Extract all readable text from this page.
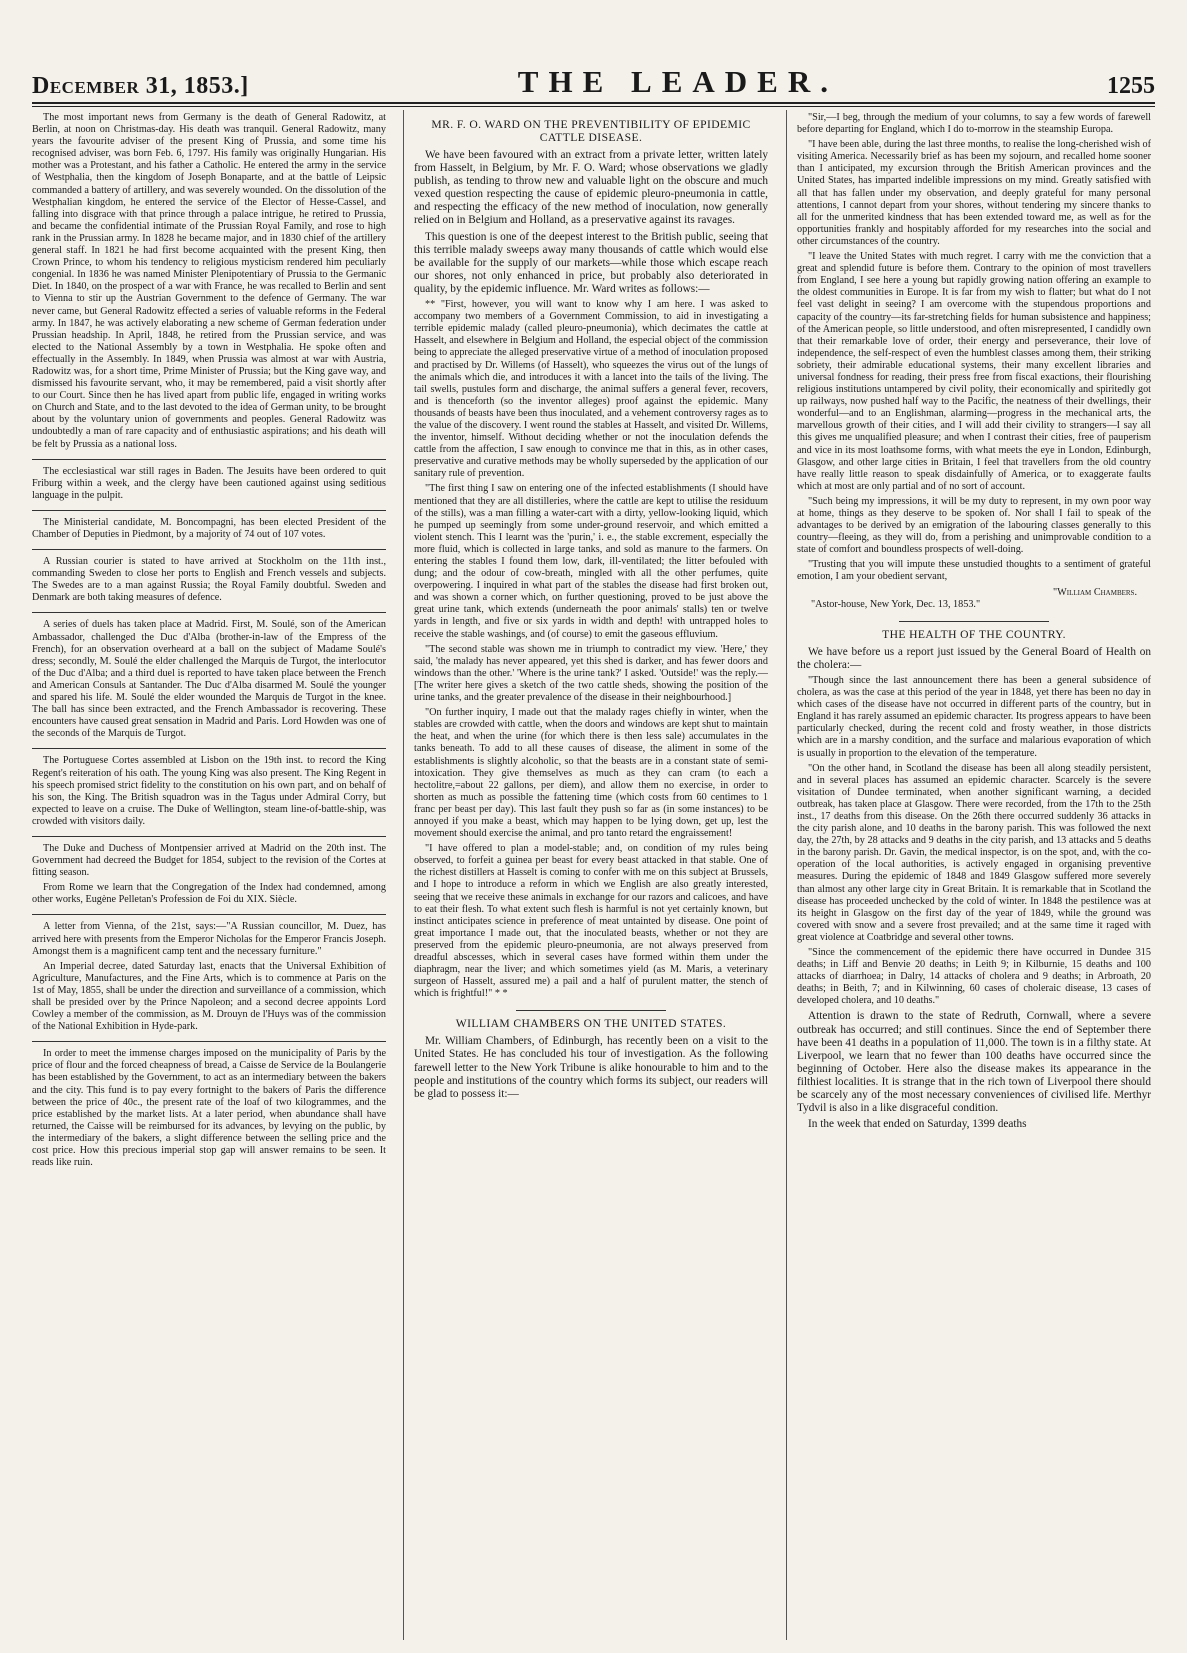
December 31, 1853.]	THE LEADER.	1255

The most important news from Germany is the death of General Radowitz, at Berlin, at noon on Christmas-day. His death was tranquil. General Radowitz, many years the favourite adviser of the present King of Prussia, and some time his recognised adviser, was born Feb. 6, 1797. His family was originally Hungarian. His mother was a Protestant, and his father a Catholic. He entered the army in the service of Westphalia, then the kingdom of Joseph Bonaparte, and at the battle of Leipsic commanded a battery of artillery, and was severely wounded. On the dissolution of the Westphalian kingdom, he entered the service of the Elector of Hesse-Cassel, and falling into disgrace with that prince through a palace intrigue, he retired to Prussia, and became the confidential intimate of the Prussian Royal Family, and rose to high rank in the Prussian army. In 1828 he became major, and in 1830 chief of the artillery general staff. In 1821 he had first become acquainted with the present King, then Crown Prince, to whom his tendency to religious mysticism rendered him peculiarly congenial. In 1836 he was named Minister Plenipotentiary of Prussia to the Germanic Diet. In 1840, on the prospect of a war with France, he was recalled to Berlin and sent to Vienna to stir up the Austrian Government to the defence of Germany. The war never came, but General Radowitz effected a series of valuable reforms in the Federal army. In 1847, he was actively elaborating a new scheme of German federation under Prussian headship. In April, 1848, he retired from the Prussian service, and was elected to the National Assembly by a town in Westphalia. He spoke often and effectually in the Assembly. In 1849, when Prussia was almost at war with Austria, Radowitz was, for a short time, Prime Minister of Prussia; but the King gave way, and dismissed his favourite servant, who, it may be remembered, paid a visit shortly after to our Court. Since then he has lived apart from public life, engaged in writing works on Church and State, and to the last devoted to the idea of German unity, to be brought about by the voluntary union of governments and peoples. General Radowitz was undoubtedly a man of rare capacity and of enthusiastic aspirations; and his death will be felt by Prussia as a national loss.

The ecclesiastical war still rages in Baden. The Jesuits have been ordered to quit Friburg within a week, and the clergy have been cautioned against using seditious language in the pulpit.

The Ministerial candidate, M. Boncompagni, has been elected President of the Chamber of Deputies in Piedmont, by a majority of 74 out of 107 votes.

A Russian courier is stated to have arrived at Stockholm on the 11th inst., commanding Sweden to close her ports to English and French vessels and subjects. The Swedes are to a man against Russia; the Royal Family doubtful. Sweden and Denmark are both taking measures of defence.

A series of duels has taken place at Madrid. First, M. Soulé, son of the American Ambassador, challenged the Duc d'Alba (brother-in-law of the Empress of the French), for an observation overheard at a ball on the subject of Madame Soulé's dress; secondly, M. Soulé the elder challenged the Marquis de Turgot, the interlocutor of the Duc d'Alba; and a third duel is reported to have taken place between the French and American Consuls at Santander. The Duc d'Alba disarmed M. Soulé the younger and spared his life. M. Soulé the elder wounded the Marquis de Turgot in the knee. The ball has since been extracted, and the French Ambassador is recovering. These encounters have caused great sensation in Madrid and Paris. Lord Howden was one of the seconds of the Marquis de Turgot.

The Portuguese Cortes assembled at Lisbon on the 19th inst. to record the King Regent's reiteration of his oath. The young King was also present. The King Regent in his speech promised strict fidelity to the constitution on his own part, and on behalf of his son, the King. The British squadron was in the Tagus under Admiral Corry, but expected to leave on a cruise. The Duke of Wellington, steam line-of-battle-ship, was crowded with visitors daily.

The Duke and Duchess of Montpensier arrived at Madrid on the 20th inst. The Government had decreed the Budget for 1854, subject to the revision of the Cortes at fitting season.

From Rome we learn that the Congregation of the Index had condemned, among other works, Eugène Pelletan's Profession de Foi du XIX. Siècle.

A letter from Vienna, of the 21st, says:—"A Russian councillor, M. Duez, has arrived here with presents from the Emperor Nicholas for the Emperor Francis Joseph. Amongst them is a magnificent camp tent and the necessary furniture."

An Imperial decree, dated Saturday last, enacts that the Universal Exhibition of Agriculture, Manufactures, and the Fine Arts, which is to commence at Paris on the 1st of May, 1855, shall be under the direction and surveillance of a commission, which shall be presided over by the Prince Napoleon; and a second decree appoints Lord Cowley a member of the commission, as M. Drouyn de l'Huys was of the commission of the National Exhibition in Hyde-park.

In order to meet the immense charges imposed on the municipality of Paris by the price of flour and the forced cheapness of bread, a Caisse de Service de la Boulangerie has been established by the Government, to act as an intermediary between the bakers and the city. This fund is to pay every fortnight to the bakers of Paris the difference between the price of 40c., the present rate of the loaf of two kilogrammes, and the price established by the market lists. At a later period, when abundance shall have returned, the Caisse will be reimbursed for its advances, by levying on the public, by the intermediary of the bakers, a slight difference between the selling price and the cost price. How this precious imperial stop gap will answer remains to be seen. It reads like ruin.

MR. F. O. WARD ON THE PREVENTIBILITY OF EPIDEMIC CATTLE DISEASE.

We have been favoured with an extract from a private letter, written lately from Hasselt, in Belgium, by Mr. F. O. Ward; whose observations we gladly publish, as tending to throw new and valuable light on the obscure and much vexed question respecting the cause of epidemic pleuro-pneumonia in cattle, and respecting the efficacy of the new method of inoculation, now generally relied on in Belgium and Holland, as a preservative against its ravages.

This question is one of the deepest interest to the British public, seeing that this terrible malady sweeps away many thousands of cattle which would else be available for the supply of our markets—while those which escape reach our shores, not only enhanced in price, but probably also deteriorated in quality, by the epidemic influence. Mr. Ward writes as follows:—

** "First, however, you will want to know why I am here. I was asked to accompany two members of a Government Commission, to aid in investigating a terrible epidemic malady (called pleuro-pneumonia), which decimates the cattle at Hasselt, and elsewhere in Belgium and Holland, the especial object of the commission being to appreciate the alleged preservative virtue of a method of inoculation proposed and practised by Dr. Willems (of Hasselt), who squeezes the virus out of the lungs of the animals which die, and introduces it with a lancet into the tails of the living. The tail swells, pustules form and discharge, the animal suffers a general fever, recovers, and is thenceforth (so the inventor alleges) proof against the epidemic. Many thousands of beasts have been thus inoculated, and a vehement controversy rages as to the value of the discovery. I went round the stables at Hasselt, and visited Dr. Willems, the inventor, himself. Without deciding whether or not the inoculation defends the cattle from the affection, I saw enough to convince me that in this, as in other cases, preservative and curative methods may be wholly superseded by the application of our sanitary rule of prevention.

"The first thing I saw on entering one of the infected establishments (I should have mentioned that they are all distilleries, where the cattle are kept to utilise the residuum of the stills), was a man filling a water-cart with a dirty, yellow-looking liquid, which he pumped up seemingly from some under-ground reservoir, and which emitted a violent stench. This I learnt was the 'purin,' i. e., the stable excrement, especially the more fluid, which is collected in large tanks, and sold as manure to the farmers. On entering the stables I found them low, dark, ill-ventilated; the litter befouled with dung; and the odour of cow-breath, mingled with all the other perfumes, quite overpowering. I inquired in what part of the stables the disease had first broken out, and was shown a corner which, on further questioning, proved to be just above the great urine tank, which extends (underneath the poor animals' stalls) ten or twelve yards in length, and five or six yards in width and depth! with untrapped holes to receive the stable washings, and (of course) to emit the gaseous effluvium.

"The second stable was shown me in triumph to contradict my view. 'Here,' they said, 'the malady has never appeared, yet this shed is darker, and has fewer doors and windows than the other.' 'Where is the urine tank?' I asked. 'Outside!' was the reply.—[The writer here gives a sketch of the two cattle sheds, showing the position of the urine tanks, and the greater prevalence of the disease in their neighbourhood.]

"On further inquiry, I made out that the malady rages chiefly in winter, when the stables are crowded with cattle, when the doors and windows are kept shut to maintain the heat, and when the urine (for which there is then less sale) accumulates in the tanks beneath. To add to all these causes of disease, the aliment in some of the establishments is slightly alcoholic, so that the beasts are in a constant state of semi-intoxication. They give themselves as much as they can cram (to each a hectolitre,=about 22 gallons, per diem), and allow them no exercise, in order to shorten as much as possible the fattening time (which costs from 60 centimes to 1 franc per beast per day). This last fault they push so far as (in some instances) to be annoyed if you make a beast, which may happen to be lying down, get up, lest the movement should exercise the animal, and pro tanto retard the engraissement!

"I have offered to plan a model-stable; and, on condition of my rules being observed, to forfeit a guinea per beast for every beast attacked in that stable. One of the richest distillers at Hasselt is coming to confer with me on this subject at Brussels, and I hope to introduce a reform in which we English are also greatly interested, seeing that we receive these animals in exchange for our razors and calicoes, and have to eat their flesh. To what extent such flesh is harmful is not yet certainly known, but instinct anticipates science in preference of meat untainted by disease. One point of great importance I made out, that the inoculated beasts, whether or not they are preserved from the epidemic pleuro-pneumonia, are not always preserved from dreadful abscesses, which in several cases have formed within them under the diaphragm, near the liver; and which sometimes yield (as M. Maris, a veterinary surgeon of Hasselt, assured me) a pail and a half of purulent matter, the stench of which is frightful!" * *

WILLIAM CHAMBERS ON THE UNITED STATES.

Mr. William Chambers, of Edinburgh, has recently been on a visit to the United States. He has concluded his tour of investigation. As the following farewell letter to the New York Tribune is alike honourable to him and to the people and institutions of the country which forms its subject, our readers will be glad to possess it:—

"Sir,—I beg, through the medium of your columns, to say a few words of farewell before departing for England, which I do to-morrow in the steamship Europa.

"I have been able, during the last three months, to realise the long-cherished wish of visiting America. Necessarily brief as has been my sojourn, and recalled home sooner than I anticipated, my excursion through the British American provinces and the United States, has imparted indelible impressions on my mind. Greatly satisfied with all that has fallen under my observation, and deeply grateful for many personal attentions, I cannot depart from your shores, without tendering my sincere thanks to all for the unmerited kindness that has been extended toward me, as well as for the opportunities frankly and hospitably afforded for my researches into the social and other circumstances of the country.

"I leave the United States with much regret. I carry with me the conviction that a great and splendid future is before them. Contrary to the opinion of most travellers from England, I see here a young but rapidly growing nation offering an example to the oldest communities in Europe. It is far from my wish to flatter; but what do I not feel vast delight in seeing? I am overcome with the stupendous proportions and capacity of the country—its far-stretching fields for human subsistence and happiness; of the American people, so little understood, and often misrepresented, I candidly own that their remarkable love of order, their energy and perseverance, their love of independence, the self-respect of even the humblest classes among them, their striking sobriety, their admirable educational systems, their many excellent libraries and universal fondness for reading, their press free from fiscal exactions, their flourishing religious institutions untampered by civil polity, their economically and spiritedly got up railways, now pushed half way to the Pacific, the neatness of their dwellings, their wonderful—and to an Englishman, alarming—progress in the mechanical arts, the marvellous growth of their cities, and I will add their civility to strangers—I say all this gives me unqualified pleasure; and when I contrast their cities, free of pauperism and vice in its most loathsome forms, with what meets the eye in London, Edinburgh, Glasgow, and other large cities in Britain, I feel that travellers from the old country have really little reason to speak disdainfully of America, or to exaggerate faults which at most are only partial and of no sort of account.

"Such being my impressions, it will be my duty to represent, in my own poor way at home, things as they deserve to be spoken of. Nor shall I fail to speak of the advantages to be derived by an emigration of the labouring classes generally to this country—fleeing, as they will do, from a perishing and unimprovable condition to a state of comfort and boundless prospects of well-doing.

"Trusting that you will impute these unstudied thoughts to a sentiment of grateful emotion, I am your obedient servant,

"William Chambers.

"Astor-house, New York, Dec. 13, 1853."

THE HEALTH OF THE COUNTRY.

We have before us a report just issued by the General Board of Health on the cholera:—

"Though since the last announcement there has been a general subsidence of cholera, as was the case at this period of the year in 1848, yet there has been no day in which cases of the disease have not occurred in different parts of the country, but in England it has rarely assumed an epidemic character. Its progress appears to have been particularly checked, during the recent cold and frosty weather, in those districts which are in a marshy condition, and the surface and malarious evaporation of which is usually in proportion to the elevation of the temperature.

"On the other hand, in Scotland the disease has been all along steadily persistent, and in several places has assumed an epidemic character. Scarcely is the severe visitation of Dundee terminated, when another significant warning, a decided outbreak, has taken place at Glasgow. There were recorded, from the 17th to the 25th inst., 17 deaths from this disease. On the 26th there occurred suddenly 36 attacks in the city parish alone, and 10 deaths in the barony parish. This was followed the next day, the 27th, by 28 attacks and 9 deaths in the city parish, and 13 attacks and 5 deaths in the barony parish. Dr. Gavin, the medical inspector, is on the spot, and, with the co-operation of the local authorities, is actively engaged in organising preventive measures. During the epidemic of 1848 and 1849 Glasgow suffered more severely than almost any other large city in Great Britain. It is remarkable that in Scotland the disease has proceeded unchecked by the cold of winter. In 1848 the pestilence was at its height in Glasgow on the first day of the year of 1849, while the ground was covered with snow and a severe frost prevailed; and at the same time it raged with great violence at Coatbridge and several other towns.

"Since the commencement of the epidemic there have occurred in Dundee 315 deaths; in Liff and Benvie 20 deaths; in Leith 9; in Kilburnie, 15 deaths and 100 attacks of diarrhoea; in Dalry, 14 attacks of cholera and 9 deaths; in Arbroath, 20 deaths; in Beith, 7; and in Kilwinning, 60 cases of choleraic disease, 13 cases of developed cholera, and 10 deaths."

Attention is drawn to the state of Redruth, Cornwall, where a severe outbreak has occurred; and still continues. Since the end of September there have been 41 deaths in a population of 11,000. The town is in a filthy state. At Liverpool, we learn that no fewer than 100 deaths have occurred since the beginning of October. Here also the disease makes its appearance in the filthiest localities. It is strange that in the rich town of Liverpool there should be scarcely any of the most necessary conveniences of civilised life. Merthyr Tydvil is also in a like disgraceful condition.

In the week that ended on Saturday, 1399 deaths
